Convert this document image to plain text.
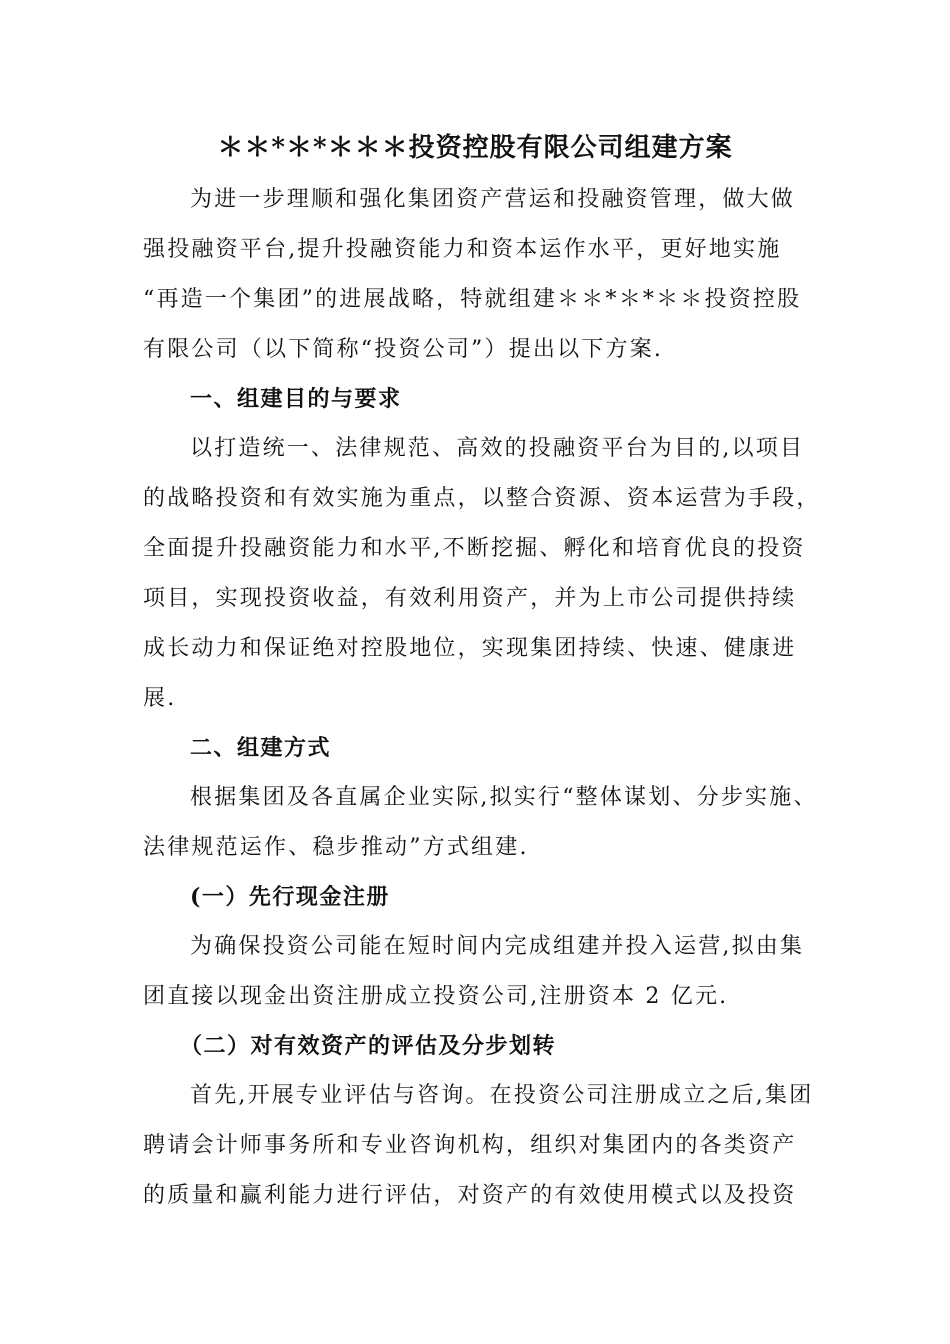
＊＊*＊*＊＊＊投资控股有限公司组建方案
为进一步理顺和强化集团资产营运和投融资管理，做大做
强投融资平台,提升投融资能力和资本运作水平，更好地实施
“再造一个集团”的进展战略，特就组建＊＊*＊*＊＊投资控股
有限公司（以下简称“投资公司”）提出以下方案.
一、组建目的与要求
以打造统一、法律规范、高效的投融资平台为目的,以项目
的战略投资和有效实施为重点，以整合资源、资本运营为手段，
全面提升投融资能力和水平,不断挖掘、孵化和培育优良的投资
项目，实现投资收益，有效利用资产，并为上市公司提供持续
成长动力和保证绝对控股地位，实现集团持续、快速、健康进
展.
二、组建方式
根据集团及各直属企业实际,拟实行“整体谋划、分步实施、
法律规范运作、稳步推动”方式组建.
(一）先行现金注册
为确保投资公司能在短时间内完成组建并投入运营,拟由集
团直接以现金出资注册成立投资公司,注册资本 2 亿元.
（二）对有效资产的评估及分步划转
首先,开展专业评估与咨询。在投资公司注册成立之后,集团
聘请会计师事务所和专业咨询机构，组织对集团内的各类资产
的质量和赢利能力进行评估，对资产的有效使用模式以及投资
